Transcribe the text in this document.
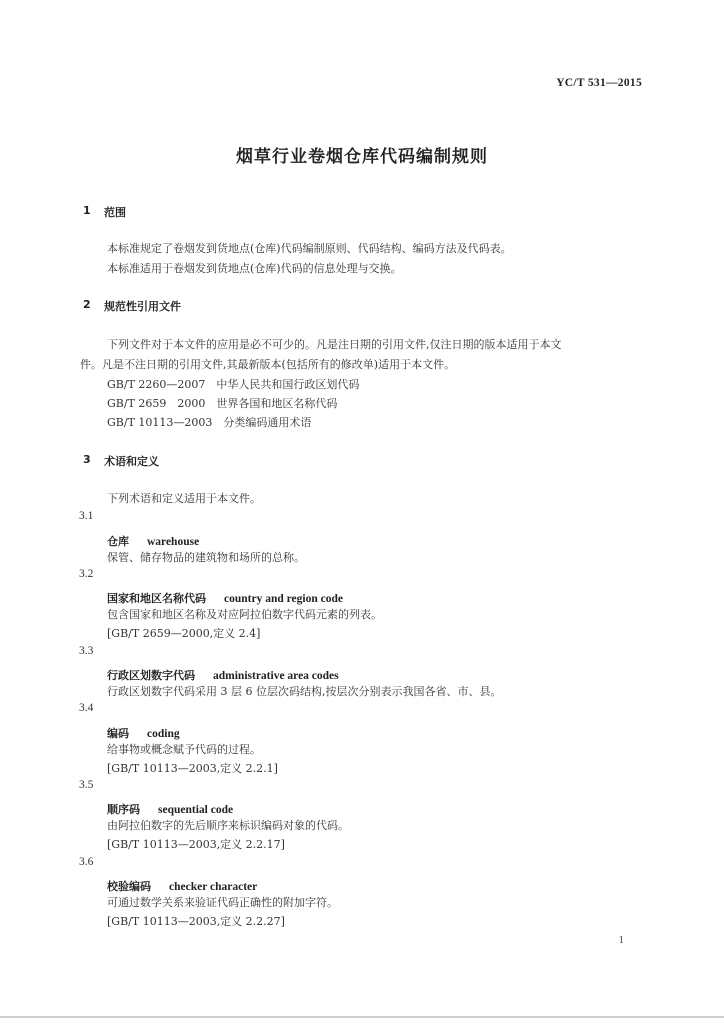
YC/T 531—2015
烟草行业卷烟仓库代码编制规则
1 范围
本标准规定了卷烟发到货地点(仓库)代码编制原则、代码结构、编码方法及代码表。
本标准适用于卷烟发到货地点(仓库)代码的信息处理与交换。
2 规范性引用文件
下列文件对于本文件的应用是必不可少的。凡是注日期的引用文件,仅注日期的版本适用于本文
件。凡是不注日期的引用文件,其最新版本(包括所有的修改单)适用于本文件。
GB/T 2260—2007　中华人民共和国行政区划代码
GB/T 2659　2000　世界各国和地区名称代码
GB/T 10113—2003　分类编码通用术语
3 术语和定义
下列术语和定义适用于本文件。
3.1
仓库 warehouse
保管、储存物品的建筑物和场所的总称。
3.2
国家和地区名称代码 country and region code
包含国家和地区名称及对应阿拉伯数字代码元素的列表。
[GB/T 2659—2000,定义 2.4]
3.3
行政区划数字代码 administrative area codes
行政区划数字代码采用 3 层 6 位层次码结构,按层次分别表示我国各省、市、县。
3.4
编码 coding
给事物或概念赋予代码的过程。
[GB/T 10113—2003,定义 2.2.1]
3.5
顺序码 sequential code
由阿拉伯数字的先后顺序来标识编码对象的代码。
[GB/T 10113—2003,定义 2.2.17]
3.6
校验编码 checker character
可通过数学关系来验证代码正确性的附加字符。
[GB/T 10113—2003,定义 2.2.27]
1
